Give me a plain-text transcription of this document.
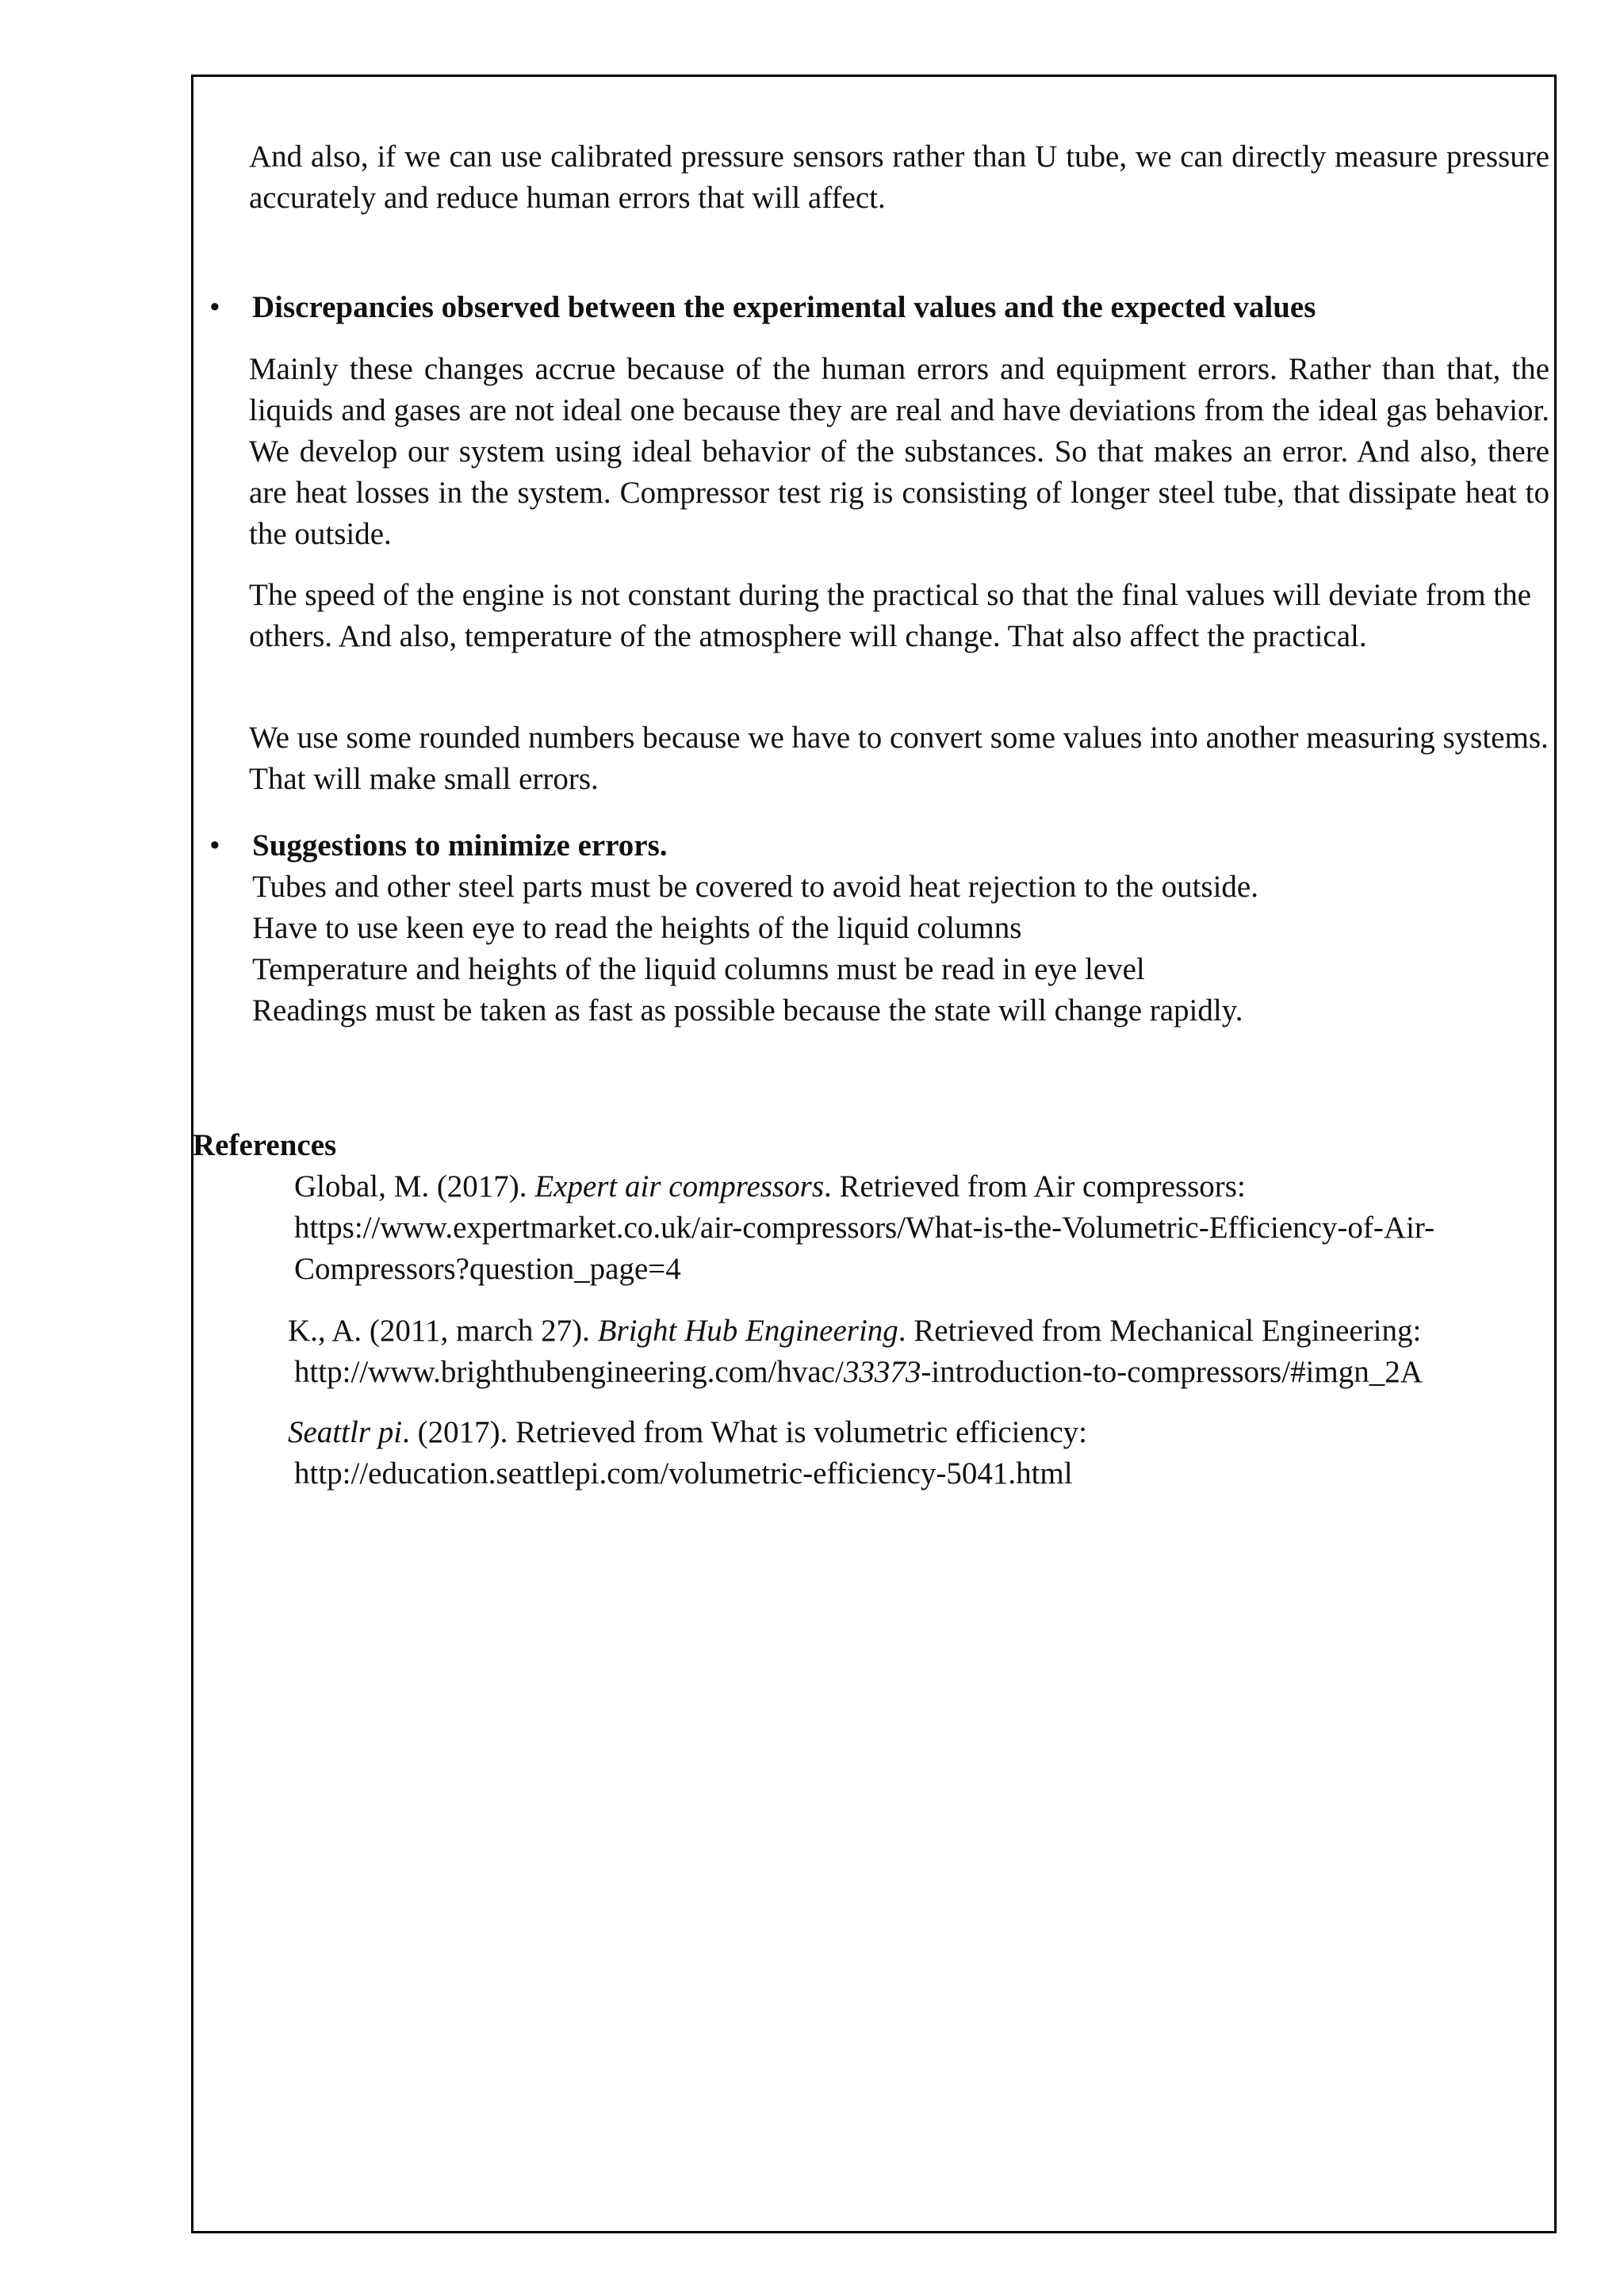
And also, if we can use calibrated pressure sensors rather than U tube, we can directly measure pressure accurately and reduce human errors that will affect.

• Discrepancies observed between the experimental values and the expected values

Mainly these changes accrue because of the human errors and equipment errors. Rather than that, the liquids and gases are not ideal one because they are real and have deviations from the ideal gas behavior. We develop our system using ideal behavior of the substances. So that makes an error. And also, there are heat losses in the system. Compressor test rig is consisting of longer steel tube, that dissipate heat to the outside.

The speed of the engine is not constant during the practical so that the final values will deviate from the others. And also, temperature of the atmosphere will change. That also affect the practical.

We use some rounded numbers because we have to convert some values into another measuring systems. That will make small errors.

• Suggestions to minimize errors.

Tubes and other steel parts must be covered to avoid heat rejection to the outside.
Have to use keen eye to read the heights of the liquid columns
Temperature and heights of the liquid columns must be read in eye level
Readings must be taken as fast as possible because the state will change rapidly.

References

Global, M. (2017). Expert air compressors. Retrieved from Air compressors:
https://www.expertmarket.co.uk/air-compressors/What-is-the-Volumetric-Efficiency-of-Air-
Compressors?question_page=4
K., A. (2011, march 27). Bright Hub Engineering. Retrieved from Mechanical Engineering:
http://www.brighthubengineering.com/hvac/33373-introduction-to-compressors/#imgn_2A
Seattlr pi. (2017). Retrieved from What is volumetric efficiency:
http://education.seattlepi.com/volumetric-efficiency-5041.html
